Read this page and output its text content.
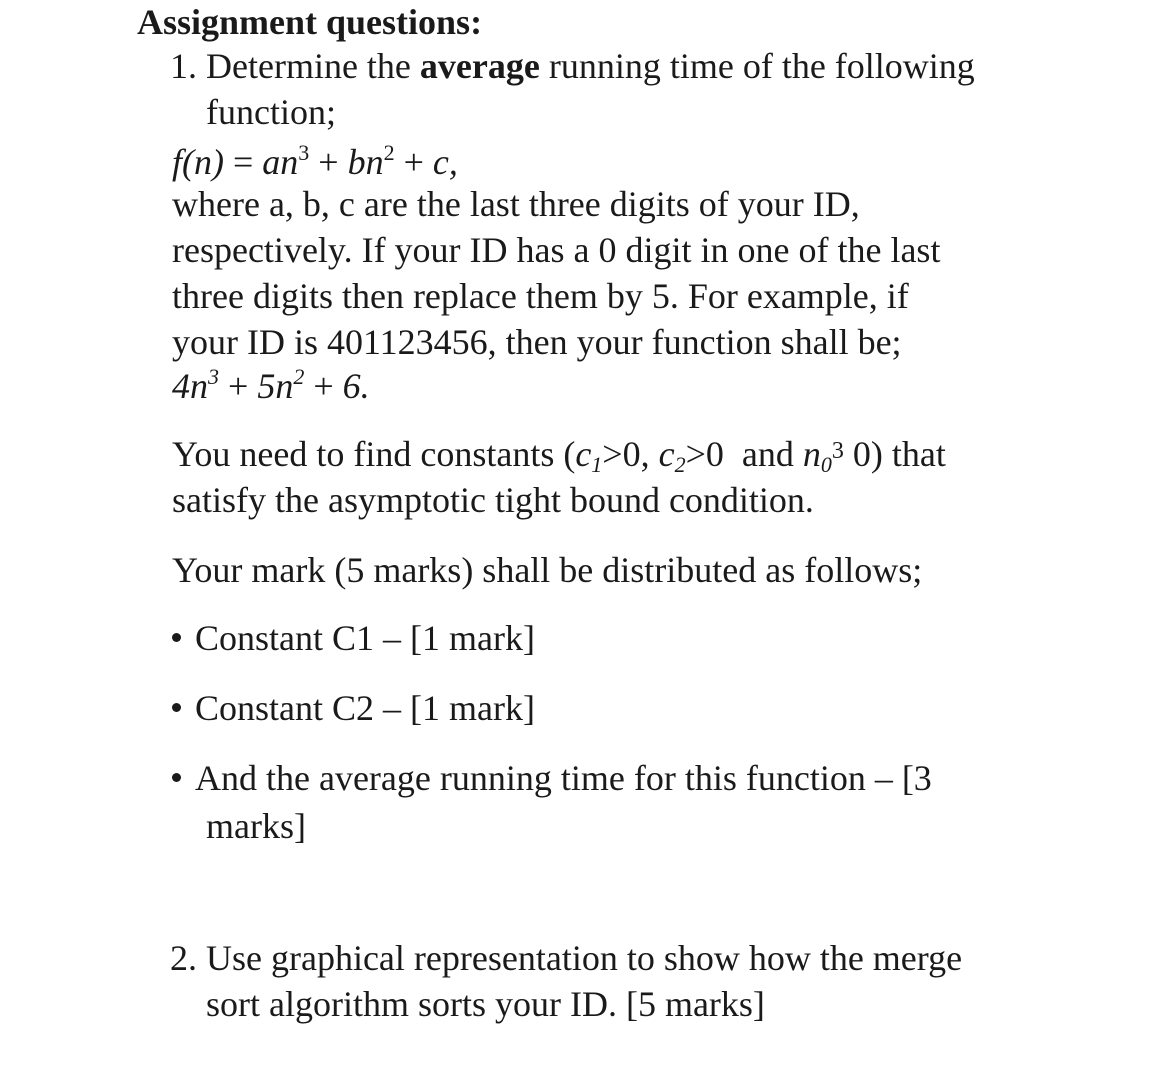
Assignment questions:
1. Determine the average running time of the following
function;
$f(n) = an^3 + bn^2 + c$,
where a, b, c are the last three digits of your ID,
respectively. If your ID has a 0 digit in one of the last
three digits then replace them by 5. For example, if
your ID is 401123456, then your function shall be;
$4n^3 + 5n^2 + 6$.
You need to find constants ($c_1>0$, $c_2>0$ and $n_0^3$ 0) that
satisfy the asymptotic tight bound condition.
Your mark (5 marks) shall be distributed as follows;
Constant C1 – [1 mark]
Constant C2 – [1 mark]
And the average running time for this function – [3
marks]
2. Use graphical representation to show how the merge
sort algorithm sorts your ID. [5 marks]
